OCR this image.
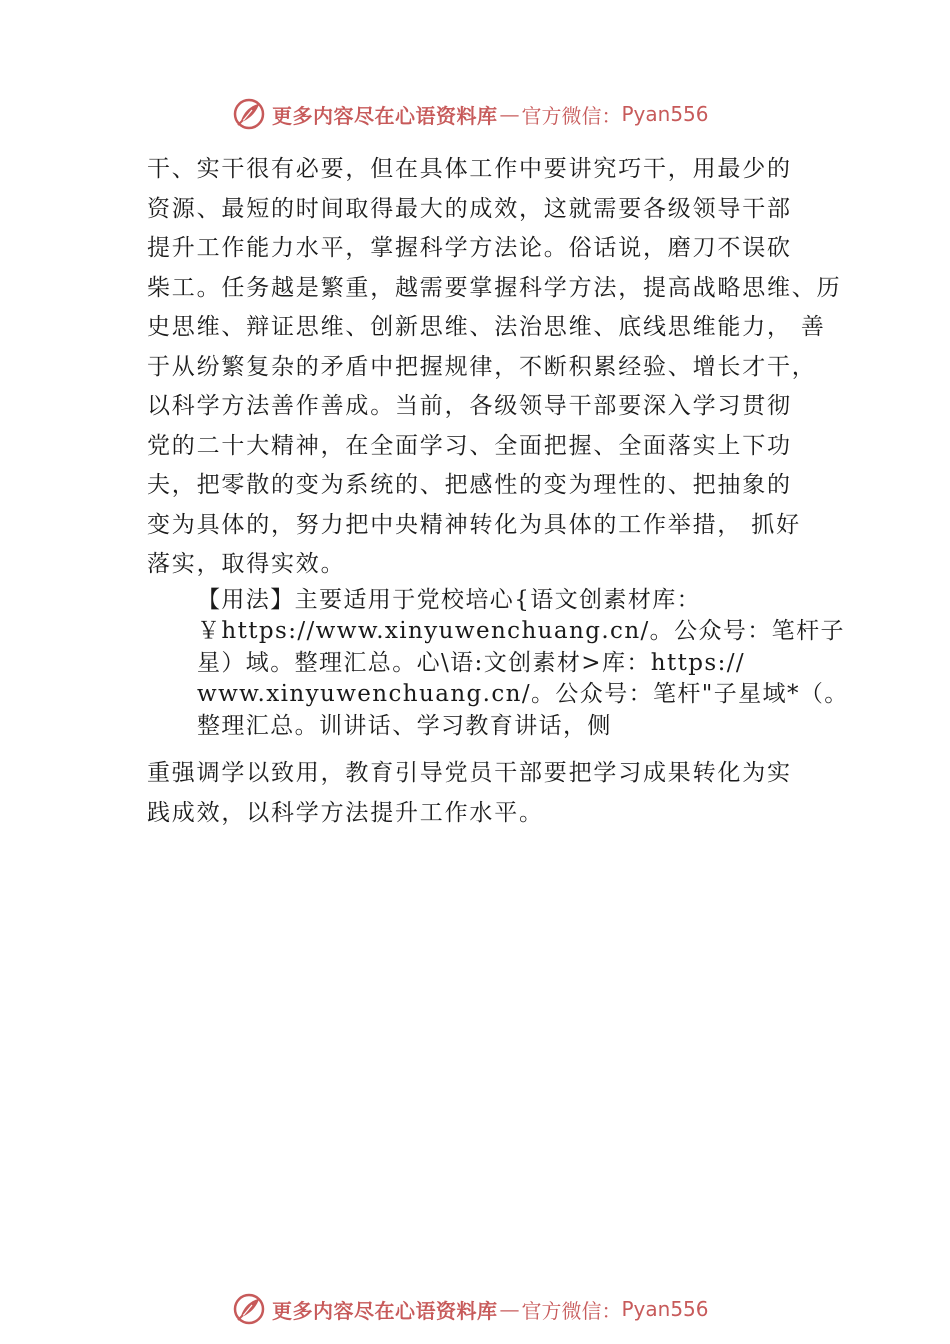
更多内容尽在心语资料库 — 官方微信： Pyan556
干、实干很有必要，但在具体工作中要讲究巧干，用最少的
资源、最短的时间取得最大的成效，这就需要各级领导干部
提升工作能力水平，掌握科学方法论。俗话说，磨刀不误砍
柴工。任务越是繁重，越需要掌握科学方法，提高战略思维、历
史思维、辩证思维、创新思维、法治思维、底线思维能力， 善
于从纷繁复杂的矛盾中把握规律，不断积累经验、增长才干，
以科学方法善作善成。当前，各级领导干部要深入学习贯彻
党的二十大精神，在全面学习、全面把握、全面落实上下功
夫，把零散的变为系统的、把感性的变为理性的、把抽象的
变为具体的，努力把中央精神转化为具体的工作举措， 抓好
落实，取得实效。
【用法】主要适用于党校培心{语文创素材库：
￥https://www.xinyuwenchuang.cn/。公众号：笔杆子
星）域。整理汇总。心\语:文创素材>库：https://
www.xinyuwenchuang.cn/。公众号：笔杆"子星域*（。
整理汇总。训讲话、学习教育讲话，侧
重强调学以致用，教育引导党员干部要把学习成果转化为实
践成效，以科学方法提升工作水平。
更多内容尽在心语资料库 — 官方微信： Pyan556
